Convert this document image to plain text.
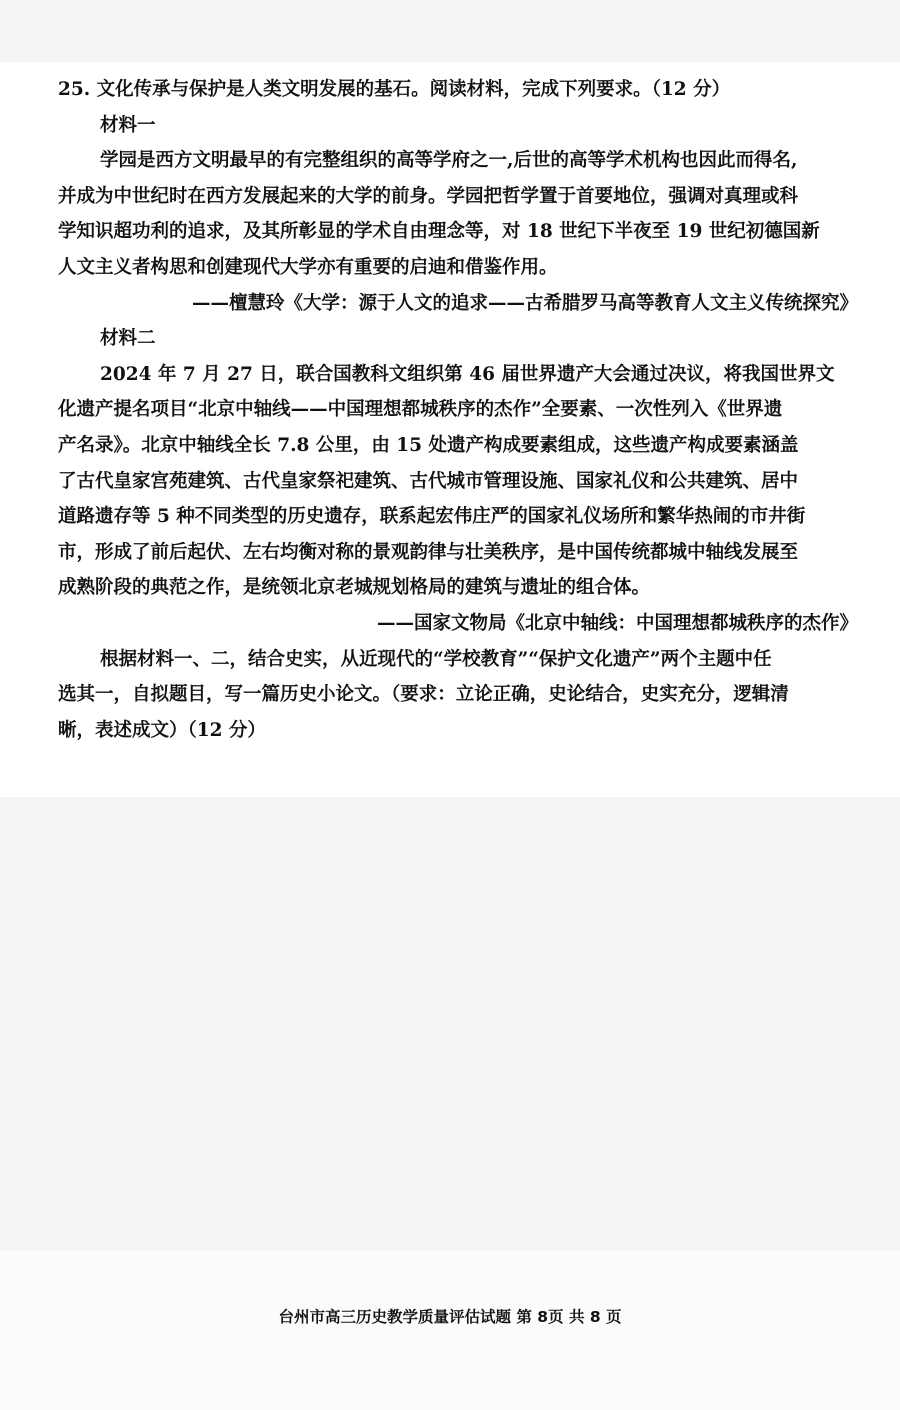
25. 文化传承与保护是人类文明发展的基石。阅读材料，完成下列要求。（12 分）
材料一
学园是西方文明最早的有完整组织的高等学府之一,后世的高等学术机构也因此而得名,
并成为中世纪时在西方发展起来的大学的前身。学园把哲学置于首要地位，强调对真理或科
学知识超功利的追求，及其所彰显的学术自由理念等，对 18 世纪下半夜至 19 世纪初德国新
人文主义者构思和创建现代大学亦有重要的启迪和借鉴作用。
——檀慧玲《大学：源于人文的追求——古希腊罗马高等教育人文主义传统探究》
材料二
2024 年 7 月 27 日，联合国教科文组织第 46 届世界遗产大会通过决议，将我国世界文
化遗产提名项目“北京中轴线——中国理想都城秩序的杰作”全要素、一次性列入《世界遗
产名录》。北京中轴线全长 7.8 公里，由 15 处遗产构成要素组成，这些遗产构成要素涵盖
了古代皇家宫苑建筑、古代皇家祭祀建筑、古代城市管理设施、国家礼仪和公共建筑、居中
道路遗存等 5 种不同类型的历史遗存，联系起宏伟庄严的国家礼仪场所和繁华热闹的市井街
市，形成了前后起伏、左右均衡对称的景观韵律与壮美秩序，是中国传统都城中轴线发展至
成熟阶段的典范之作，是统领北京老城规划格局的建筑与遗址的组合体。
——国家文物局《北京中轴线：中国理想都城秩序的杰作》
根据材料一、二，结合史实，从近现代的“学校教育”“保护文化遗产”两个主题中任
选其一，自拟题目，写一篇历史小论文。（要求：立论正确，史论结合，史实充分，逻辑清
晰，表述成文）（12 分）
台州市高三历史教学质量评估试题 第 8页 共 8 页
